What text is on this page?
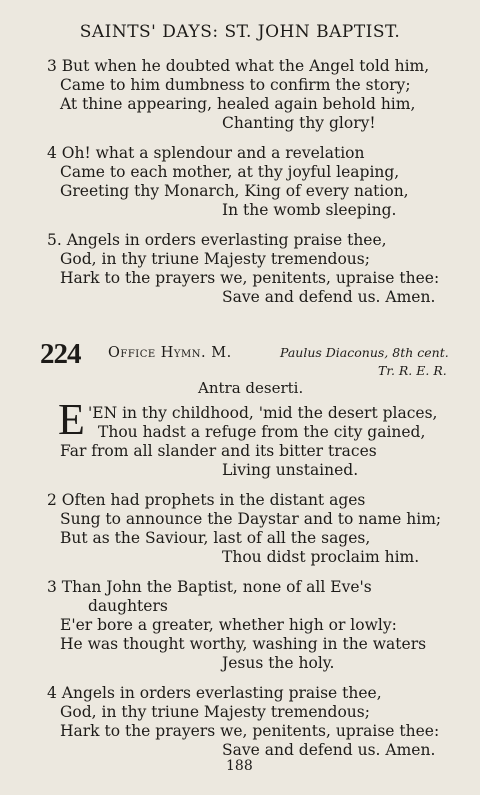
SAINTS' DAYS: ST. JOHN BAPTIST.
3 But when he doubted what the Angel told him,
Came to him dumbness to confirm the story;
At thine appearing, healed again behold him,
Chanting thy glory!
4 Oh! what a splendour and a revelation
Came to each mother, at thy joyful leaping,
Greeting thy Monarch, King of every nation,
In the womb sleeping.
5. Angels in orders everlasting praise thee,
God, in thy triune Majesty tremendous;
Hark to the prayers we, penitents, upraise thee:
Save and defend us. Amen.
224 Office Hymn. M.	Paulus Diaconus, 8th cent.
Tr. R. E. R.
Antra deserti.
E 'EN in thy childhood, 'mid the desert places,
Thou hadst a refuge from the city gained,
Far from all slander and its bitter traces
Living unstained.
2 Often had prophets in the distant ages
Sung to announce the Daystar and to name him;
But as the Saviour, last of all the sages,
Thou didst proclaim him.
3 Than John the Baptist, none of all Eve's
daughters
E'er bore a greater, whether high or lowly:
He was thought worthy, washing in the waters
Jesus the holy.
4 Angels in orders everlasting praise thee,
God, in thy triune Majesty tremendous;
Hark to the prayers we, penitents, upraise thee:
Save and defend us. Amen.
188
